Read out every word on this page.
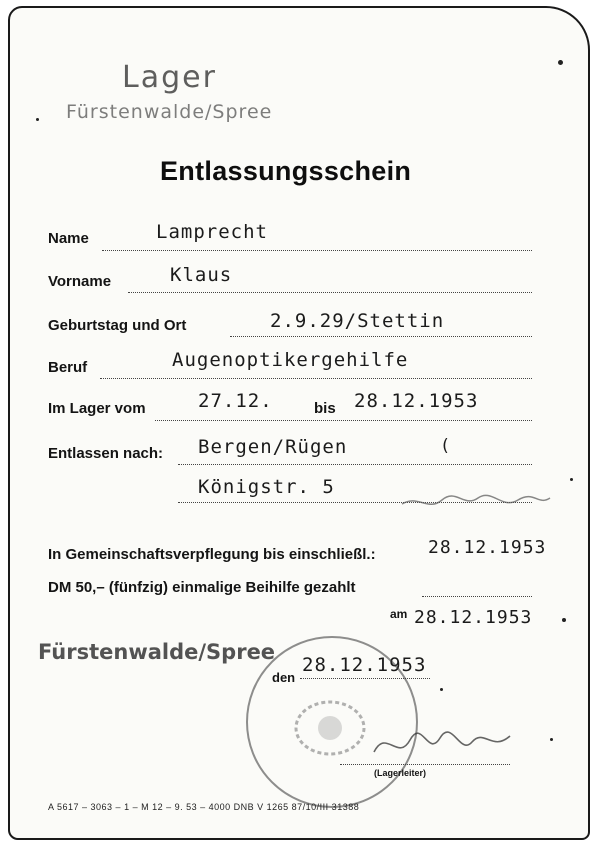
Lager
Fürstenwalde/Spree
Entlassungsschein
Name	Lamprecht
Vorname	Klaus
Geburtstag und Ort	2.9.29/Stettin
Beruf	Augenoptikergehilfe
Im Lager vom	27.12.	bis 28.12.1953
Entlassen nach: Bergen/Rügen	(
Königstr. 5
In Gemeinschaftsverpflegung bis einschließl.:	28.12.1953
DM 50,– (fünfzig) einmalige Beihilfe gezahlt
am 28.12.1953
Fürstenwalde/Spree
den
28.12.1953
(Lagerleiter)
A 5617 – 3063 – 1 – M 12 – 9. 53 – 4000 DNB V 1265 87/10/III 31388
